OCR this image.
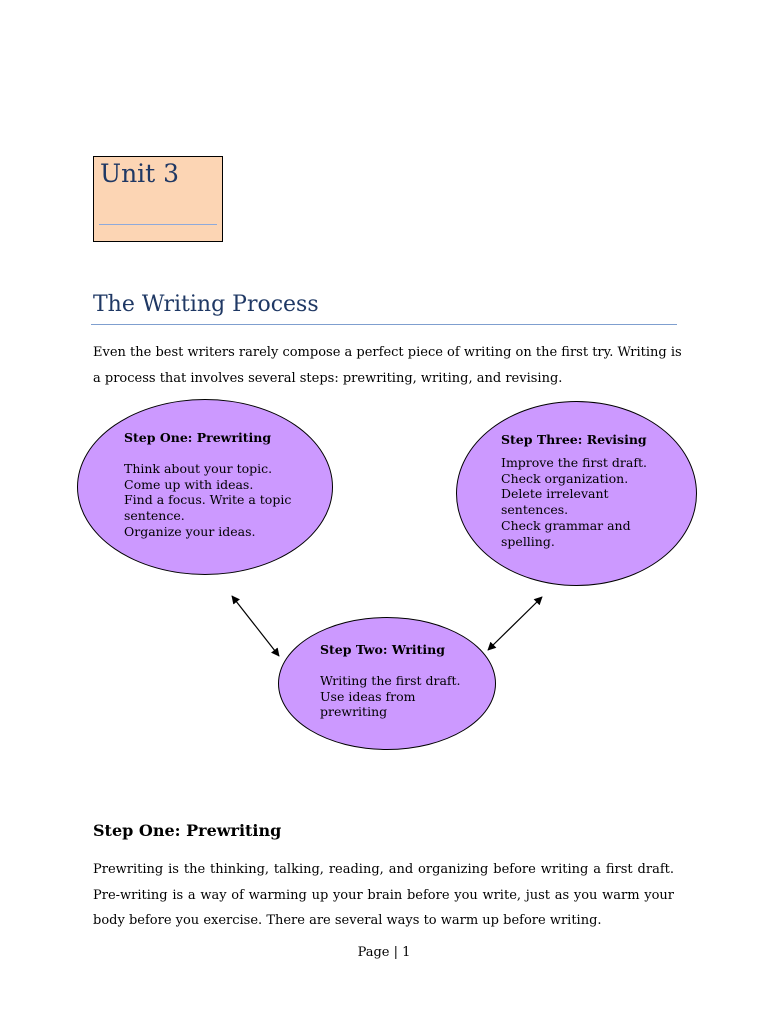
Unit 3
The Writing Process

Even the best writers rarely compose a perfect piece of writing on the first try. Writing is a process that involves several steps: prewriting, writing, and revising.

Step One: Prewriting
Think about your topic.
Come up with ideas.
Find a focus. Write a topic
sentence.
Organize your ideas.
Step Three: Revising
Improve the first draft.
Check organization.
Delete irrelevant
sentences.
Check grammar and
spelling.
Step Two: Writing
Writing the first draft.
Use ideas from
prewriting
Step One: Prewriting

Prewriting is the thinking, talking, reading, and organizing before writing a first draft. Pre-writing is a way of warming up your brain before you write, just as you warm your body before you exercise. There are several ways to warm up before writing.

Page | 1
